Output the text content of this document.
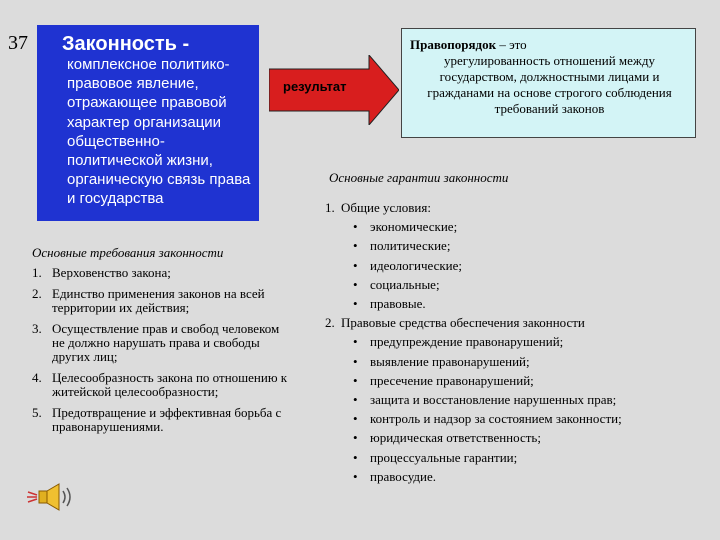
37 Законность -
комплексное политико-правовое явление, отражающее правовой характер организации общественно-политической жизни, органическую связь права и государства
результат
Правопорядок – это
урегулированность отношений между государством, должностными лицами и гражданами на основе строгого соблюдения требований законов
Основные требования законности
1. Верховенство закона;
2. Единство применения законов на всей территории их действия;
3. Осуществление прав и свобод человеком не должно нарушать права и свободы других лиц;
4. Целесообразность закона по отношению к житейской целесообразности;
5. Предотвращение и эффективная борьба с правонарушениями.
Основные гарантии законности
1. Общие условия:
• экономические;
• политические;
• идеологические;
• социальные;
• правовые.
2. Правовые средства обеспечения законности
• предупреждение правонарушений;
• выявление правонарушений;
• пресечение правонарушений;
• защита и восстановление нарушенных прав;
• контроль и надзор за состоянием законности;
• юридическая ответственность;
• процессуальные гарантии;
• правосудие.
